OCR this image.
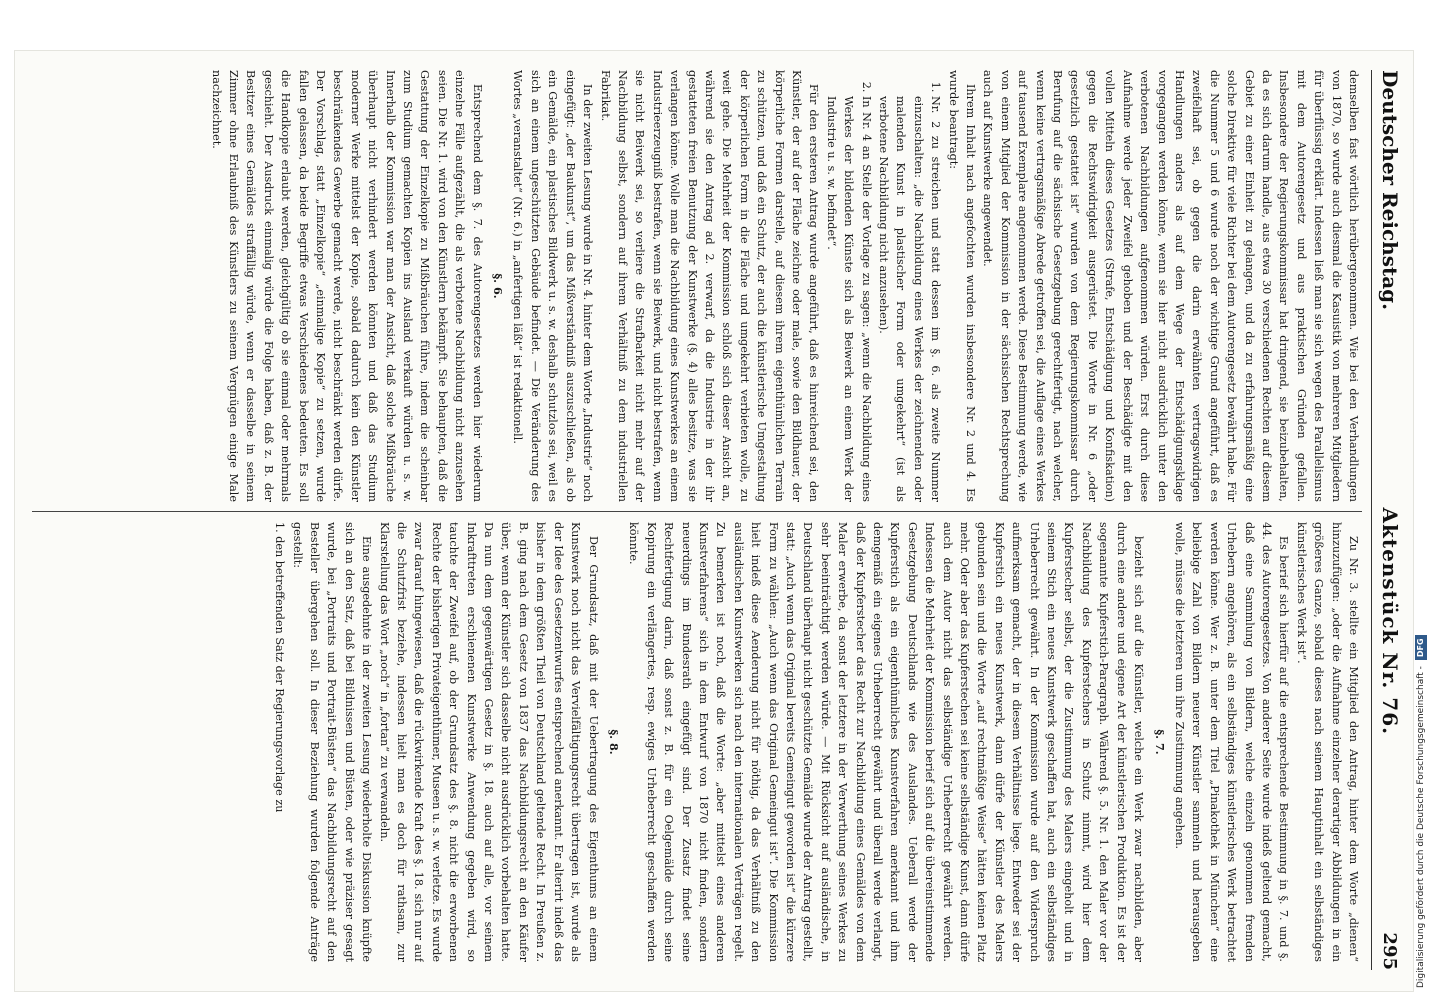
Deutscher Reichstag.
Aktenstück Nr. 76.
295

demselben fast wörtlich herübergenommen. Wie bei den Verhandlungen von 1870, so wurde auch diesmal die Kasuistik von mehreren Mitgliedern für überflüssig erklärt. Indessen ließ man sie sich wegen des Parallelismus mit dem Autorengesetz und aus praktischen Gründen gefallen. Insbesondere der Regierungskommissar hat dringend, sie beizubehalten, da es sich darum handle, aus etwa 30 verschiedenen Rechten auf diesem Gebiet zu einer Einheit zu gelangen, und da zu erfahrungsmäßig eine solche Direktive für viele Richter bei dem Autorengesetz bewährt habe. Für die Nummer 5 und 6 wurde noch der wichtige Grund angeführt, daß es zweifelhaft sei, ob gegen die darin erwähnten vertragswidrigen Handlungen anders als auf dem Wege der Entschädigungsklage vorgegangen werden könne, wenn sie hier nicht ausdrücklich unter den verbotenen Nachbildungen aufgenommen würden. Erst durch diese Aufnahme werde jeder Zweifel gehoben und der Beschädigte mit den vollen Mitteln dieses Gesetzes (Strafe, Entschädigung und Konfiskation) gegen die Rechtswidrigkeit ausgerüstet. Die Worte in Nr. 6 „oder gesetzlich gestattet ist“ wurden von dem Regierungskommissar durch Berufung auf die sächsische Gesetzgebung gerechtfertigt, nach welcher, wenn keine vertragsmäßige Abrede getroffen sei, die Auflage eines Werkes auf tausend Exemplare angenommen werde. Diese Bestimmung werde, wie von einem Mitglied der Kommission in der sächsischen Rechtsprechung auch auf Kunstwerke angewendet.

Ihrem Inhalt nach angefochten wurden insbesondere Nr. 2 und 4. Es wurde beantragt:

1. Nr. 2 zu streichen und statt dessen im §. 6. als zweite Nummer einzuschalten: „die Nachbildung eines Werkes der zeichnenden oder malenden Kunst in plastischer Form oder umgekehrt“ (ist als verbotene Nachbildung nicht anzusehen).
2. In Nr. 4 an Stelle der Vorlage zu sagen: „wenn die Nachbildung eines Werkes der bildenden Künste sich als Beiwerk an einem Werk der Industrie u. s. w. befindet“.

Für den ersteren Antrag wurde angeführt, daß es hinreichend sei, den Künstler, der auf der Fläche zeichne oder male, sowie den Bildhauer, der körperliche Formen darstelle, auf diesem ihrem eigenthümlichen Terrain zu schützen, und daß ein Schutz, der auch die künstlerische Umgestaltung der körperlichen Form in die Fläche und umgekehrt verbieten wolle, zu weit gehe. Die Mehrheit der Kommission schloß sich dieser Ansicht an, während sie den Antrag ad 2. verwarf, da die Industrie in der ihr gestatteten freien Benutzung der Kunstwerke (§. 4) alles besitze, was sie verlangen könne. Wolle man die Nachbildung eines Kunstwerkes an einem Industrieerzeugniß bestrafen, wenn sie Beiwerk, und nicht bestrafen, wenn sie nicht Beiwerk sei, so verliere die Strafbarkeit nicht mehr auf der Nachbildung selbst, sondern auf ihrem Verhältniß zu dem industriellen Fabrikat.

In der zweiten Lesung wurde in Nr. 4. hinter dem Worte „Industrie“ noch eingefügt: „der Baukunst“, um das Mißverständniß auszuschließen, als ob ein Gemälde, ein plastisches Bildwerk u. s. w. deshalb schutzlos sei, weil es sich an einem ungeschützten Gebäude befindet. — Die Veränderung des Wortes „veranstaltet“ (Nr. 6.) in „anfertigen läßt“ ist redaktionell.

§. 6.

Entsprechend dem §. 7. des Autorengesetzes werden hier wiederum einzelne Fälle aufgezählt, die als verbotene Nachbildung nicht anzusehen seien. Die Nr. 1. wird von den Künstlern bekämpft. Sie behaupten, daß die Gestattung der Einzelkopie zu Mißbräuchen führe, indem die scheinbar zum Studium gemachten Kopien ins Ausland verkauft würden u. s. w. Innerhalb der Kommission war man der Ansicht, daß solche Mißbräuche überhaupt nicht verhindert werden könnten und daß das Studium moderner Werke mittelst der Kopie, sobald dadurch kein den Künstler beschränkendes Gewerbe gemacht werde, nicht beschränkt werden dürfe. Der Vorschlag, statt „Einzelkopie“ „einmalige Kopie“ zu setzen, wurde fallen gelassen, da beide Begriffe etwas Verschiedenes bedeuten. Es soll die Handkopie erlaubt werden, gleichgültig ob sie einmal oder mehrmals geschieht. Der Ausdruck einmalig würde die Folge haben, daß z. B. der Besitzer eines Gemäldes straffällig würde, wenn er dasselbe in seinem Zimmer ohne Erlaubniß des Künstlers zu seinem Vergnügen einige Male nachzeichnet.

Zu Nr. 3. stellte ein Mitglied den Antrag, hinter dem Worte „dienen“ hinzuzufügen: „oder die Aufnahme einzelner derartiger Abbildungen in ein größeres Ganze, sobald dieses nach seinem Hauptinhalt ein selbständiges künstlerisches Werk ist“.

Es berief sich hierfür auf die entsprechende Bestimmung in §. 7. und §. 44. des Autorengesetzes. Von anderer Seite wurde indeß geltend gemacht, daß eine Sammlung von Bildern, welche einzeln genommen fremden Urhebern angehören, als ein selbständiges künstlerisches Werk betrachtet werden könne. Wer z. B. unter dem Titel „Pinakothek in München“ eine beliebige Zahl von Bildern neuerer Künstler sammeln und herausgeben wolle, müsse die letzteren um ihre Zustimmung angehen.

§. 7.

bezieht sich auf die Künstler, welche ein Werk zwar nachbilden, aber durch eine andere und eigene Art der künstlerischen Produktion. Es ist der sogenannte Kupferstich-Paragraph. Während §. 5. Nr. 1. den Maler vor der Nachbildung des Kupferstechers in Schutz nimmt, wird hier dem Kupferstecher selbst, der die Zustimmung des Malers eingeholt und in seinem Stich ein neues Kunstwerk geschaffen hat, auch ein selbständiges Urheberrecht gewährt. In der Kommission wurde auf den Widerspruch aufmerksam gemacht, der in diesem Verhältnisse liege. Entweder sei der Kupferstich ein neues Kunstwerk, dann dürfe der Künstler des Malers gebunden sein und die Worte „auf rechtmäßige Weise“ hätten keinen Platz mehr. Oder aber das Kupferstechen sei keine selbständige Kunst, dann dürfe auch dem Autor nicht das selbständige Urheberrecht gewährt werden. Indessen die Mehrheit der Kommission berief sich auf die übereinstimmende Gesetzgebung Deutschlands wie des Auslandes. Ueberall werde der Kupferstich als ein eigenthümliches Kunstverfahren anerkannt und ihm demgemäß ein eigenes Urheberrecht gewährt und überall werde verlangt, daß der Kupferstecher das Recht zur Nachbildung eines Gemäldes von dem Maler erwerbe, da sonst der letztere in der Verwerthung seines Werkes zu sehr beeinträchtigt werden würde. — Mit Rücksicht auf ausländische, in Deutschland überhaupt nicht geschützte Gemälde wurde der Antrag gestellt, statt: „Auch wenn das Original bereits Gemeingut geworden ist“ die kürzere Form zu wählen: „Auch wenn das Original Gemeingut ist“. Die Kommission hielt indeß diese Aenderung nicht für nöthig, da das Verhältniß zu den ausländischen Kunstwerken sich nach den internationalen Verträgen regelt. Zu bemerken ist noch, daß die Worte: „aber mittelst eines anderen Kunstverfahrens“ sich in dem Entwurf von 1870 nicht finden, sondern neuerdings im Bundesrath eingefügt sind. Der Zusatz findet seine Rechtfertigung darin, daß sonst z. B. für ein Oelgemälde durch seine Kopirung ein verlängertes, resp. ewiges Urheberrecht geschaffen werden könnte.

§. 8.

Der Grundsatz, daß mit der Uebertragung des Eigenthums an einem Kunstwerk noch nicht das Vervielfältigungsrecht übertragen ist, wurde als der Idee des Gesetzentwurfes entsprechend anerkannt. Er alterirt indeß das bisher in dem größten Theil von Deutschland geltende Recht. In Preußen z. B. ging nach dem Gesetz von 1837 das Nachbildungsrecht an den Käufer über, wenn der Künstler sich dasselbe nicht ausdrücklich vorbehalten hatte. Da nun dem gegenwärtigen Gesetz in §. 18. auch auf alle, vor seinem Inkrafttreten erschienenen Kunstwerke Anwendung gegeben wird, so tauchte der Zweifel auf, ob der Grundsatz des §. 8. nicht die erworbenen Rechte der bisherigen Privateigenthümer, Museen u. s. w. verletze. Es wurde zwar darauf hingewiesen, daß die rückwirkende Kraft des §. 18. sich nur auf die Schutzfrist beziehe, indessen hielt man es doch für rathsam, zur Klarstellung das Wort „noch“ in „fortan“ zu verwandeln.

Eine ausgedehnte in der zweiten Lesung wiederholte Diskussion knüpfte sich an den Satz, daß bei Bildnissen und Büsten, oder wie präziser gesagt wurde, bei „Portraits und Portrait-Büsten“ das Nachbildungsrecht auf den Besteller übergehen soll. In dieser Beziehung wurden folgende Anträge gestellt:

1. den betreffenden Satz der Regierungsvorlage zu	Digitalisierung gefördert durch die Deutsche Forschungsgemeinschaft -
DFG
